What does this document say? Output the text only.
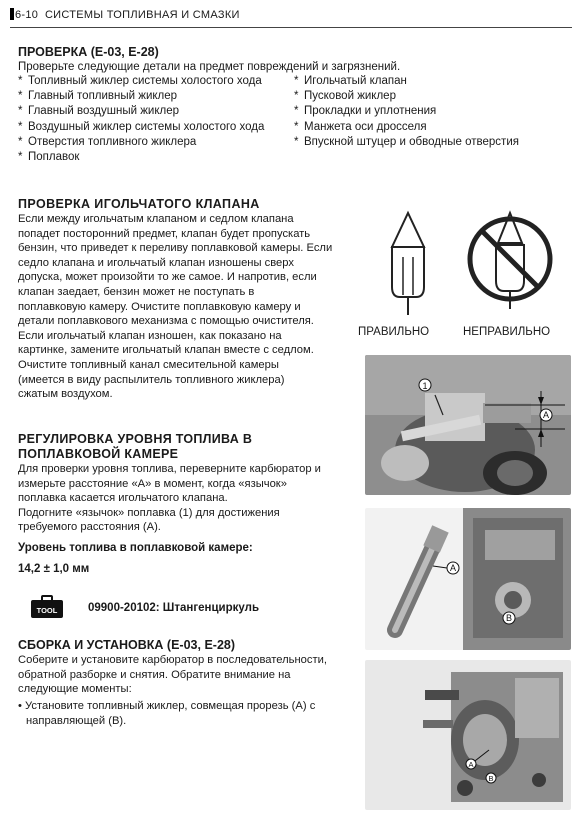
6-10 СИСТЕМЫ ТОПЛИВНАЯ И СМАЗКИ
ПРОВЕРКА (Е-03, Е-28)
Проверьте следующие детали на предмет повреждений и загрязнений.
* Топливный жиклер системы холостого хода
* Главный топливный жиклер
* Главный воздушный жиклер
* Воздушный жиклер системы холостого хода
* Отверстия топливного жиклера
* Поплавок
* Игольчатый клапан
* Пусковой жиклер
* Прокладки и уплотнения
* Манжета оси дросселя
* Впускной штуцер и обводные отверстия
ПРОВЕРКА ИГОЛЬЧАТОГО КЛАПАНА
Если между игольчатым клапаном и седлом клапана
попадет посторонний предмет, клапан будет пропускать
бензин, что приведет к переливу поплавковой камеры. Если
седло клапана и игольчатый клапан изношены сверх
допуска, может произойти то же самое. И напротив, если
клапан заедает, бензин может не поступать в
поплавковую камеру. Очистите поплавковую камеру и
детали поплавкового механизма с помощью очистителя.
Если игольчатый клапан изношен, как показано на
картинке, замените игольчатый клапан вместе с седлом.
Очистите топливный канал смесительной камеры
(имеется в виду распылитель топливного жиклера)
сжатым воздухом.
ПРАВИЛЬНО	НЕПРАВИЛЬНО
1
A
РЕГУЛИРОВКА УРОВНЯ ТОПЛИВА В
ПОПЛАВКОВОЙ КАМЕРЕ
Для проверки уровня топлива, переверните карбюратор и
измерьте расстояние «А» в момент, когда «язычок»
поплавка касается игольчатого клапана.
Подогните «язычок» поплавка (1) для достижения
требуемого расстояния (А).
Уровень топлива в поплавковой камере:
14,2 ± 1,0 мм
TOOL	09900-20102: Штангенциркуль
A
B
СБОРКА И УСТАНОВКА (Е-03, Е-28)
Соберите и установите карбюратор в последовательности,
обратной разборке и снятия. Обратите внимание на
следующие моменты:
• Установите топливный жиклер, совмещая прорезь (А) с
направляющей (В).
A
B
